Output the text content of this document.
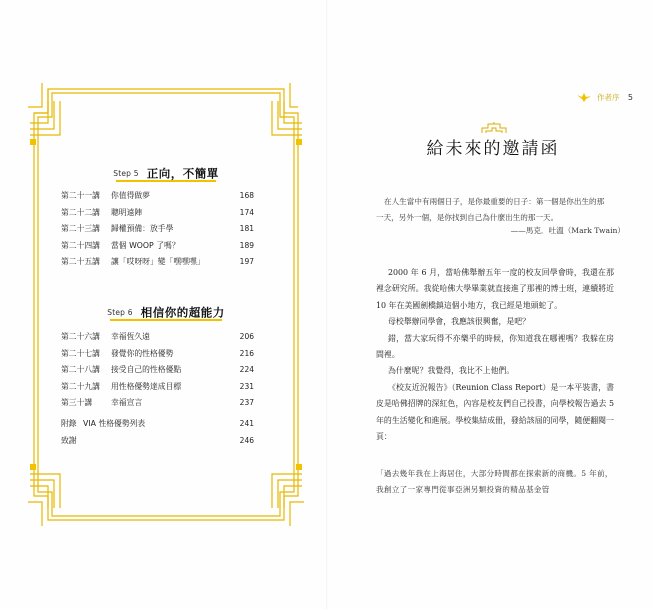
Step 5 正向，不簡單
Step 6 相信你的超能力
第二十一講 你值得做夢	168
第二十二講 聰明遠陣	174
第二十三講 歸權預備：放手學	181
第二十四講 當個 WOOP 了嗎？	189
第二十五講 讓「哎呀呀」變「嘿嘿嘿」	197
第二十六講 幸福恆久遠	206
第二十七講 發覺你的性格優勢	216
第二十八講 接受自己的性格優點	224
第二十九講 用性格優勢達成目標	231
第三十講 幸福宣言	237
附錄 VIA 性格優勢列表	241
致謝	246
作者序 5
給未來的邀請函
在人生當中有兩個日子，是你最重要的日子：第一個是你出生的那一天，另外一個，是你找到自己為什麼出生的那一天。
——馬克．吐溫（Mark Twain）

2000 年 6 月，當哈佛舉辦五年一度的校友回學會時，我還在那裡念研究所。我從哈佛大學畢業就直接進了那裡的博士班，連續將近 10 年在美國劍橋鎮這個小地方，我已經是地頭蛇了。

母校舉辦同學會，我應該很興奮，是吧？

錯，當大家玩得不亦樂乎的時候，你知道我在哪裡嗎？我躲在房間裡。

為什麼呢？我覺得，我比不上他們。

《校友近況報告》（Reunion Class Report）是一本平裝書，書皮是哈佛招牌的深紅色，內容是校友們自己投書，向學校報告過去 5 年的生活變化和進展。學校集結成冊，發給該屆的同學，隨便翻閱一頁：

「過去幾年我在上海居住，大部分時間都在探索新的商機。5 年前，我創立了一家專門從事亞洲另類投資的精品基金管
